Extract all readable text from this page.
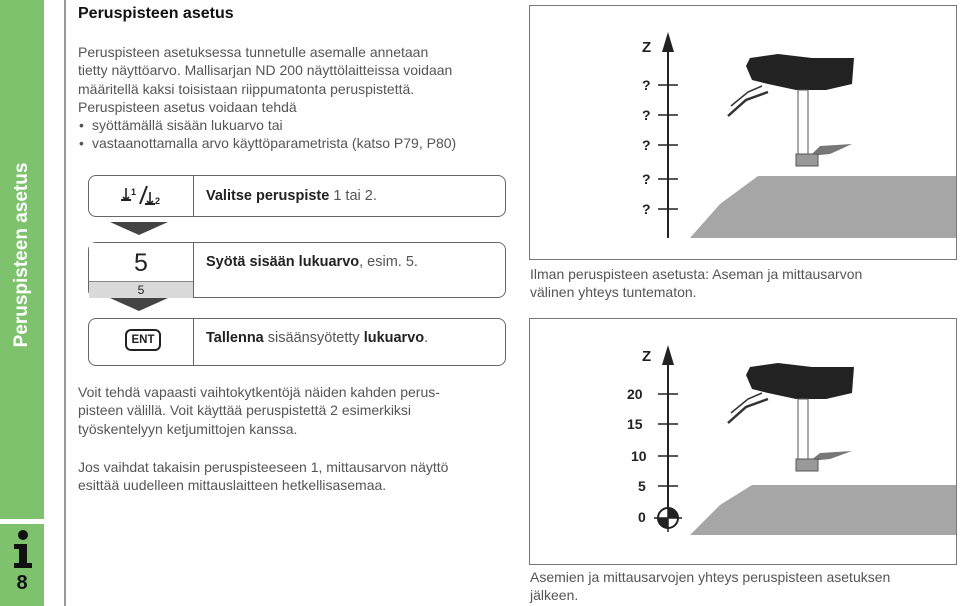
Peruspisteen asetus
8
Peruspisteen asetus

Peruspisteen asetuksessa tunnetulle asemalle annetaan

tietty näyttöarvo. Mallisarjan ND 200 näyttölaitteissa voidaan

määritellä kaksi toisistaan riippumatonta peruspistettä.

Peruspisteen asetus voidaan tehdä

• syöttämällä sisään lukuarvo tai
• vastaanottamalla arvo käyttöparametrista (katso P79, P80)
1
2	Valitse peruspiste 1 tai 2.
5
5
Syötä sisään lukuarvo, esim. 5.
ENT	Tallenna sisäänsyötetty lukuarvo.

Voit tehdä vapaasti vaihtokytkentöjä näiden kahden perus-

pisteen välillä. Voit käyttää peruspistettä 2 esimerkiksi

työskentelyyn ketjumittojen kanssa.

Jos vaihdat takaisin peruspisteeseen 1, mittausarvon näyttö

esittää uudelleen mittauslaitteen hetkellisasemaa.

Z
?
?
?
?
?
Ilman peruspisteen asetusta: Aseman ja mittausarvon
välinen yhteys tuntematon.
Z
20
15
10
5
0
Asemien ja mittausarvojen yhteys peruspisteen asetuksen
jälkeen.
